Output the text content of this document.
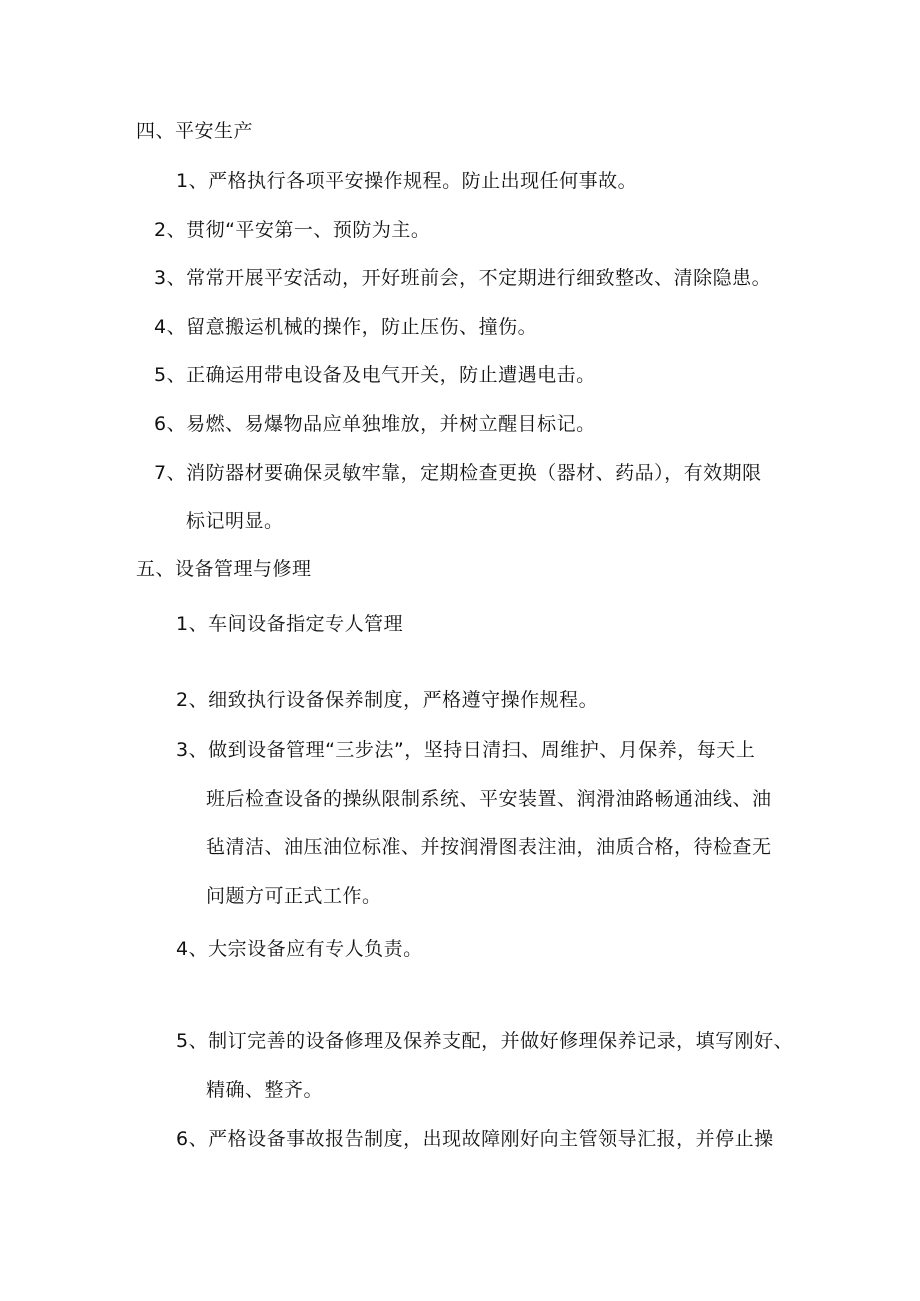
四、平安生产
1、严格执行各项平安操作规程。防止出现任何事故。
2、贯彻“平安第一、预防为主。
3、常常开展平安活动，开好班前会，不定期进行细致整改、清除隐患。
4、留意搬运机械的操作，防止压伤、撞伤。
5、正确运用带电设备及电气开关，防止遭遇电击。
6、易燃、易爆物品应单独堆放，并树立醒目标记。
7、消防器材要确保灵敏牢靠，定期检查更换（器材、药品），有效期限
标记明显。
五、设备管理与修理
1、车间设备指定专人管理
2、细致执行设备保养制度，严格遵守操作规程。
3、做到设备管理“三步法”，坚持日清扫、周维护、月保养，每天上
班后检查设备的操纵限制系统、平安装置、润滑油路畅通油线、油
毡清洁、油压油位标准、并按润滑图表注油，油质合格，待检查无
问题方可正式工作。
4、大宗设备应有专人负责。
5、制订完善的设备修理及保养支配，并做好修理保养记录，填写刚好、
精确、整齐。
6、严格设备事故报告制度，出现故障刚好向主管领导汇报，并停止操
